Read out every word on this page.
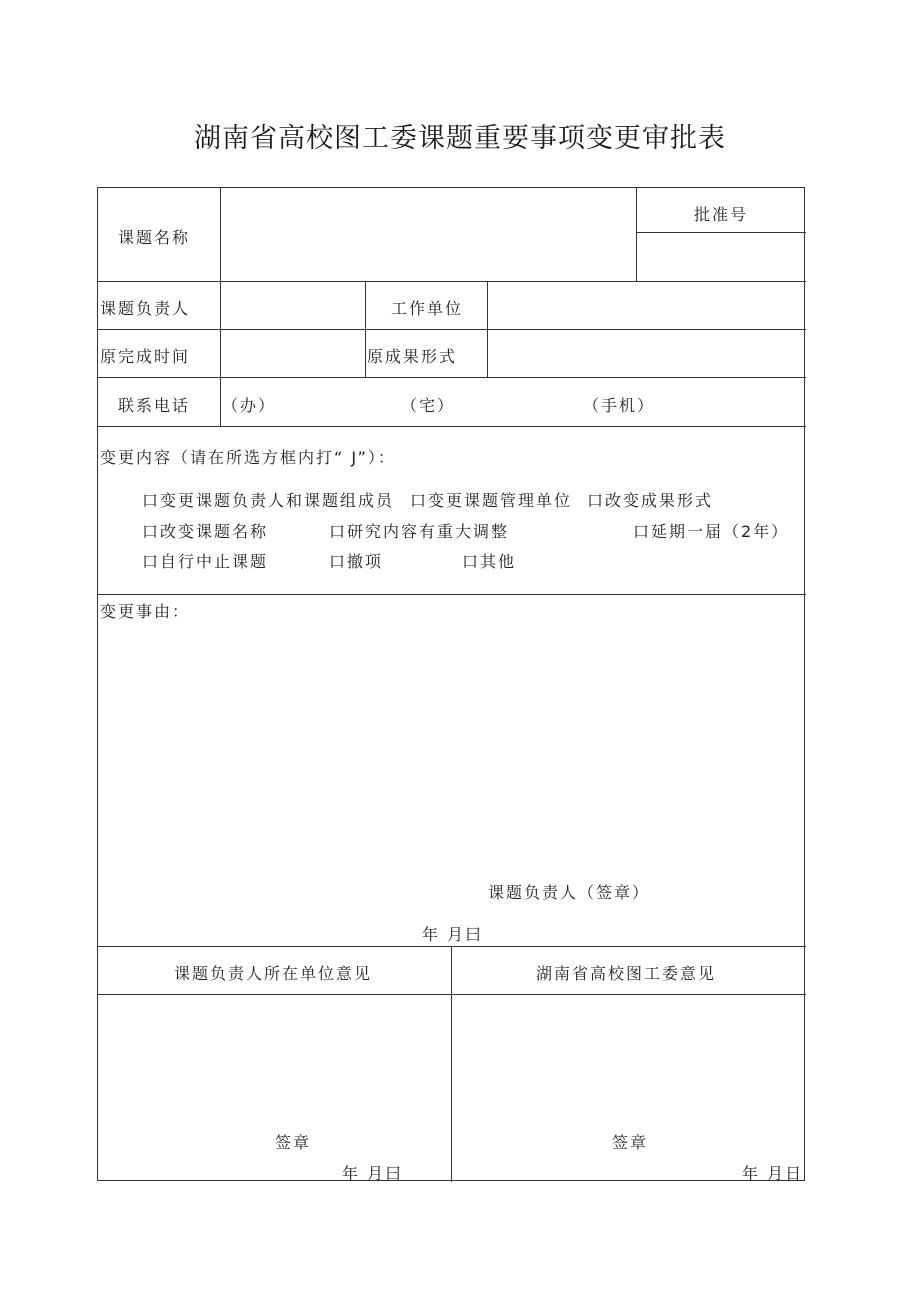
湖南省高校图工委课题重要事项变更审批表
课题名称
批准号
课题负责人	工作单位
原完成时间	原成果形式
联系电话 （办）	（宅）	（手机）
变更内容（请在所选方框内打“ J”）：
口变更课题负责人和课题组成员 口变更课题管理单位 口改变成果形式
口改变课题名称	口研究内容有重大调整	口延期一届（2年）
口自行中止课题	口撤项	口其他
变更事由：
课题负责人（签章）
年 月曰
课题负责人所在单位意见	湖南省高校图工委意见
签章
年 月曰
签章
年 月日
